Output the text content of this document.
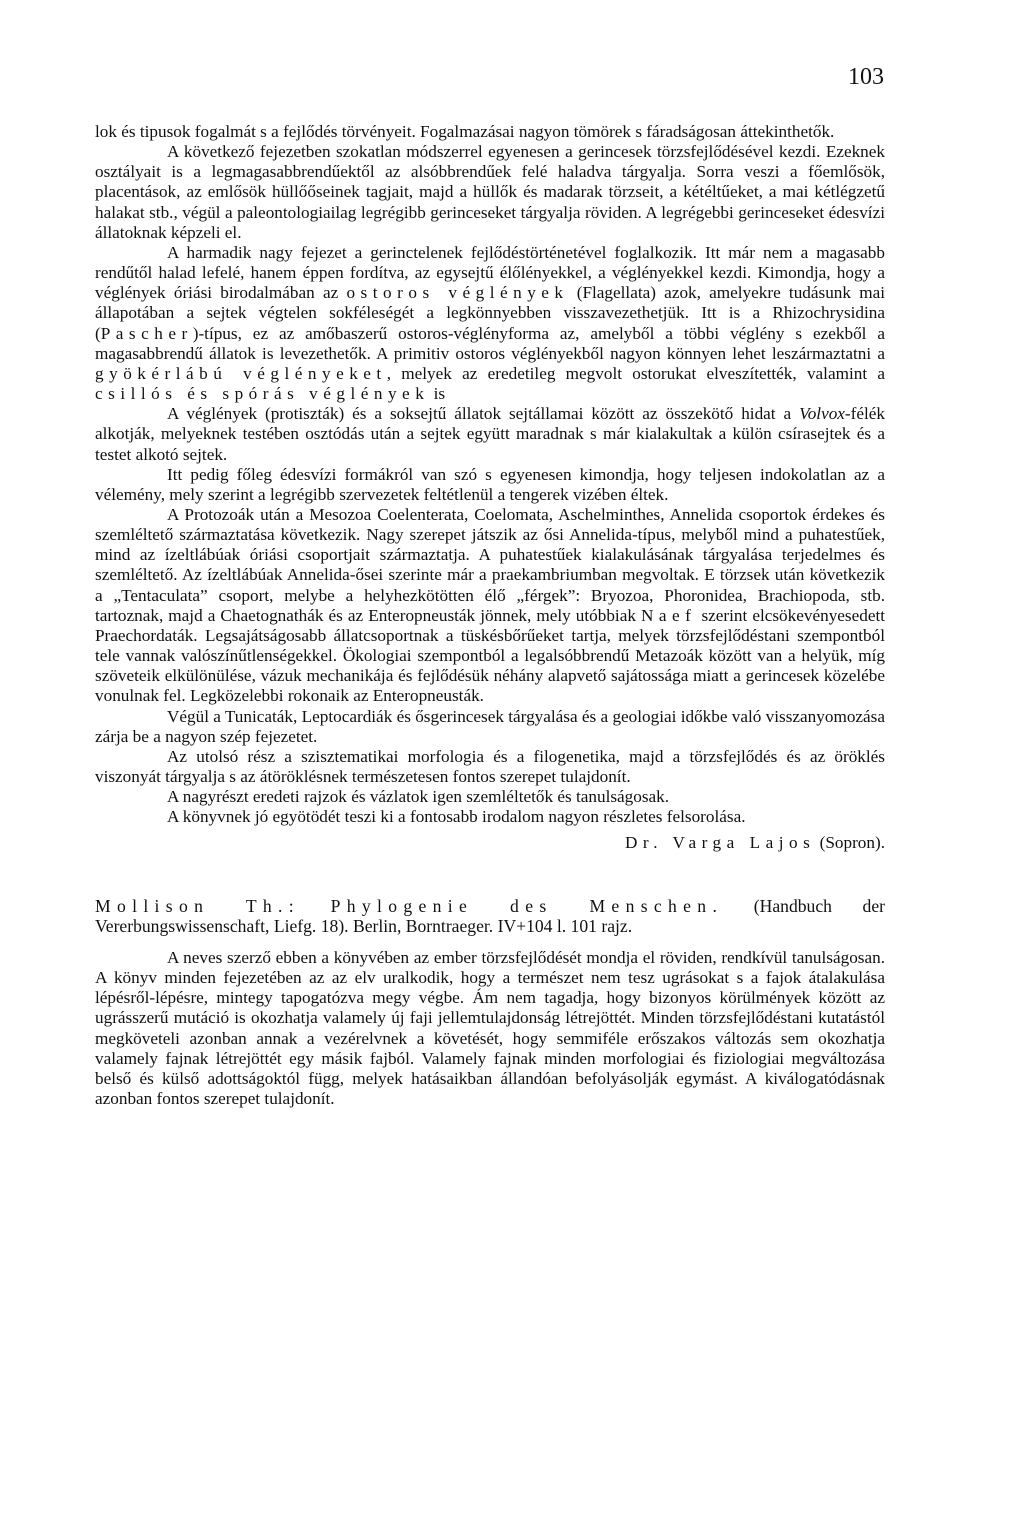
103

lok és tipusok fogalmát s a fejlődés törvényeit. Fogalmazásai nagyon tömörek s fáradságosan áttekinthetők.

A következő fejezetben szokatlan módszerrel egyenesen a gerincesek törzsfejlődésével kezdi. Ezeknek osztályait is a legmagasabbrendűektől az alsóbbrendűek felé haladva tárgyalja. Sorra veszi a főemlősök, placentások, az emlősök hüllőőseinek tagjait, majd a hüllők és madarak törzseit, a kétéltűeket, a mai kétlégzetű halakat stb., végül a paleontologiailag legrégibb gerinceseket tárgyalja röviden. A legrégebbi gerinceseket édesvízi állatoknak képzeli el.

A harmadik nagy fejezet a gerinctelenek fejlődéstörténetével foglalkozik. Itt már nem a magasabb rendűtől halad lefelé, hanem éppen fordítva, az egysejtű élőlényekkel, a véglényekkel kezdi. Kimondja, hogy a véglények óriási birodalmában az ostoros véglények (Flagellata) azok, amelyekre tudásunk mai állapotában a sejtek végtelen sokféleségét a legkönnyebben visszavezethetjük. Itt is a Rhizochrysidina (Pascher)-típus, ez az amőbaszerű ostoros-véglényforma az, amelyből a többi véglény s ezekből a magasabbrendű állatok is levezethetők. A primitiv ostoros véglényekből nagyon könnyen lehet leszármaztatni a gyökérlábú véglényeket, melyek az eredetileg megvolt ostorukat elveszítették, valamint a csillós és spórás véglények is

A véglények (protiszták) és a soksejtű állatok sejtállamai között az összekötő hidat a Volvox-félék alkotják, melyeknek testében osztódás után a sejtek együtt maradnak s már kialakultak a külön csírasejtek és a testet alkotó sejtek.

Itt pedig főleg édesvízi formákról van szó s egyenesen kimondja, hogy teljesen indokolatlan az a vélemény, mely szerint a legrégibb szervezetek feltétlenül a tengerek vizében éltek.

A Protozoák után a Mesozoa Coelenterata, Coelomata, Aschelminthes, Annelida csoportok érdekes és szemléltető származtatása következik. Nagy szerepet játszik az ősi Annelida-típus, melyből mind a puhatestűek, mind az ízeltlábúak óriási csoportjait származtatja. A puhatestűek kialakulásának tárgyalása terjedelmes és szemléltető. Az ízeltlábúak Annelida-ősei szerinte már a praekambriumban megvoltak. E törzsek után következik a „Tentaculata” csoport, melybe a helyhezkötötten élő „férgek”: Bryozoa, Phoronidea, Brachiopoda, stb. tartoznak, majd a Chaetognathák és az Enteropneusták jönnek, mely utóbbiak Naef szerint elcsökevényesedett Praechordaták. Legsajátságosabb állatcsoportnak a tüskésbőrűeket tartja, melyek törzsfejlődéstani szempontból tele vannak valószínűtlenségekkel. Ökologiai szempontból a legalsóbbrendű Metazoák között van a helyük, míg szöveteik elkülönülése, vázuk mechanikája és fejlődésük néhány alapvető sajátossága miatt a gerincesek közelébe vonulnak fel. Legközelebbi rokonaik az Enteropneusták.

Végül a Tunicaták, Leptocardiák és ősgerincesek tárgyalása és a geologiai időkbe való visszanyomozása zárja be a nagyon szép fejezetet.

Az utolsó rész a szisztematikai morfologia és a filogenetika, majd a törzsfejlődés és az öröklés viszonyát tárgyalja s az átöröklésnek természetesen fontos szerepet tulajdonít.

A nagyrészt eredeti rajzok és vázlatok igen szemléltetők és tanulságosak.

A könyvnek jó egyötödét teszi ki a fontosabb irodalom nagyon részletes felsorolása.

Dr. Varga Lajos (Sopron).

Mollison Th.: Phylogenie des Menschen. (Handbuch der Vererbungswissenschaft, Liefg. 18). Berlin, Borntraeger. IV+104 l. 101 rajz.

A neves szerző ebben a könyvében az ember törzsfejlődését mondja el röviden, rendkívül tanulságosan. A könyv minden fejezetében az az elv uralkodik, hogy a természet nem tesz ugrásokat s a fajok átalakulása lépésről-lépésre, mintegy tapogatózva megy végbe. Ám nem tagadja, hogy bizonyos körülmények között az ugrásszerű mutáció is okozhatja valamely új faji jellemtulajdonság létrejöttét. Minden törzsfejlődéstani kutatástól megköveteli azonban annak a vezérelvnek a követését, hogy semmiféle erőszakos változás sem okozhatja valamely fajnak létrejöttét egy másik fajból. Valamely fajnak minden morfologiai és fiziologiai megváltozása belső és külső adottságoktól függ, melyek hatásaikban állandóan befolyásolják egymást. A kiválogatódásnak azonban fontos szerepet tulajdonít.
